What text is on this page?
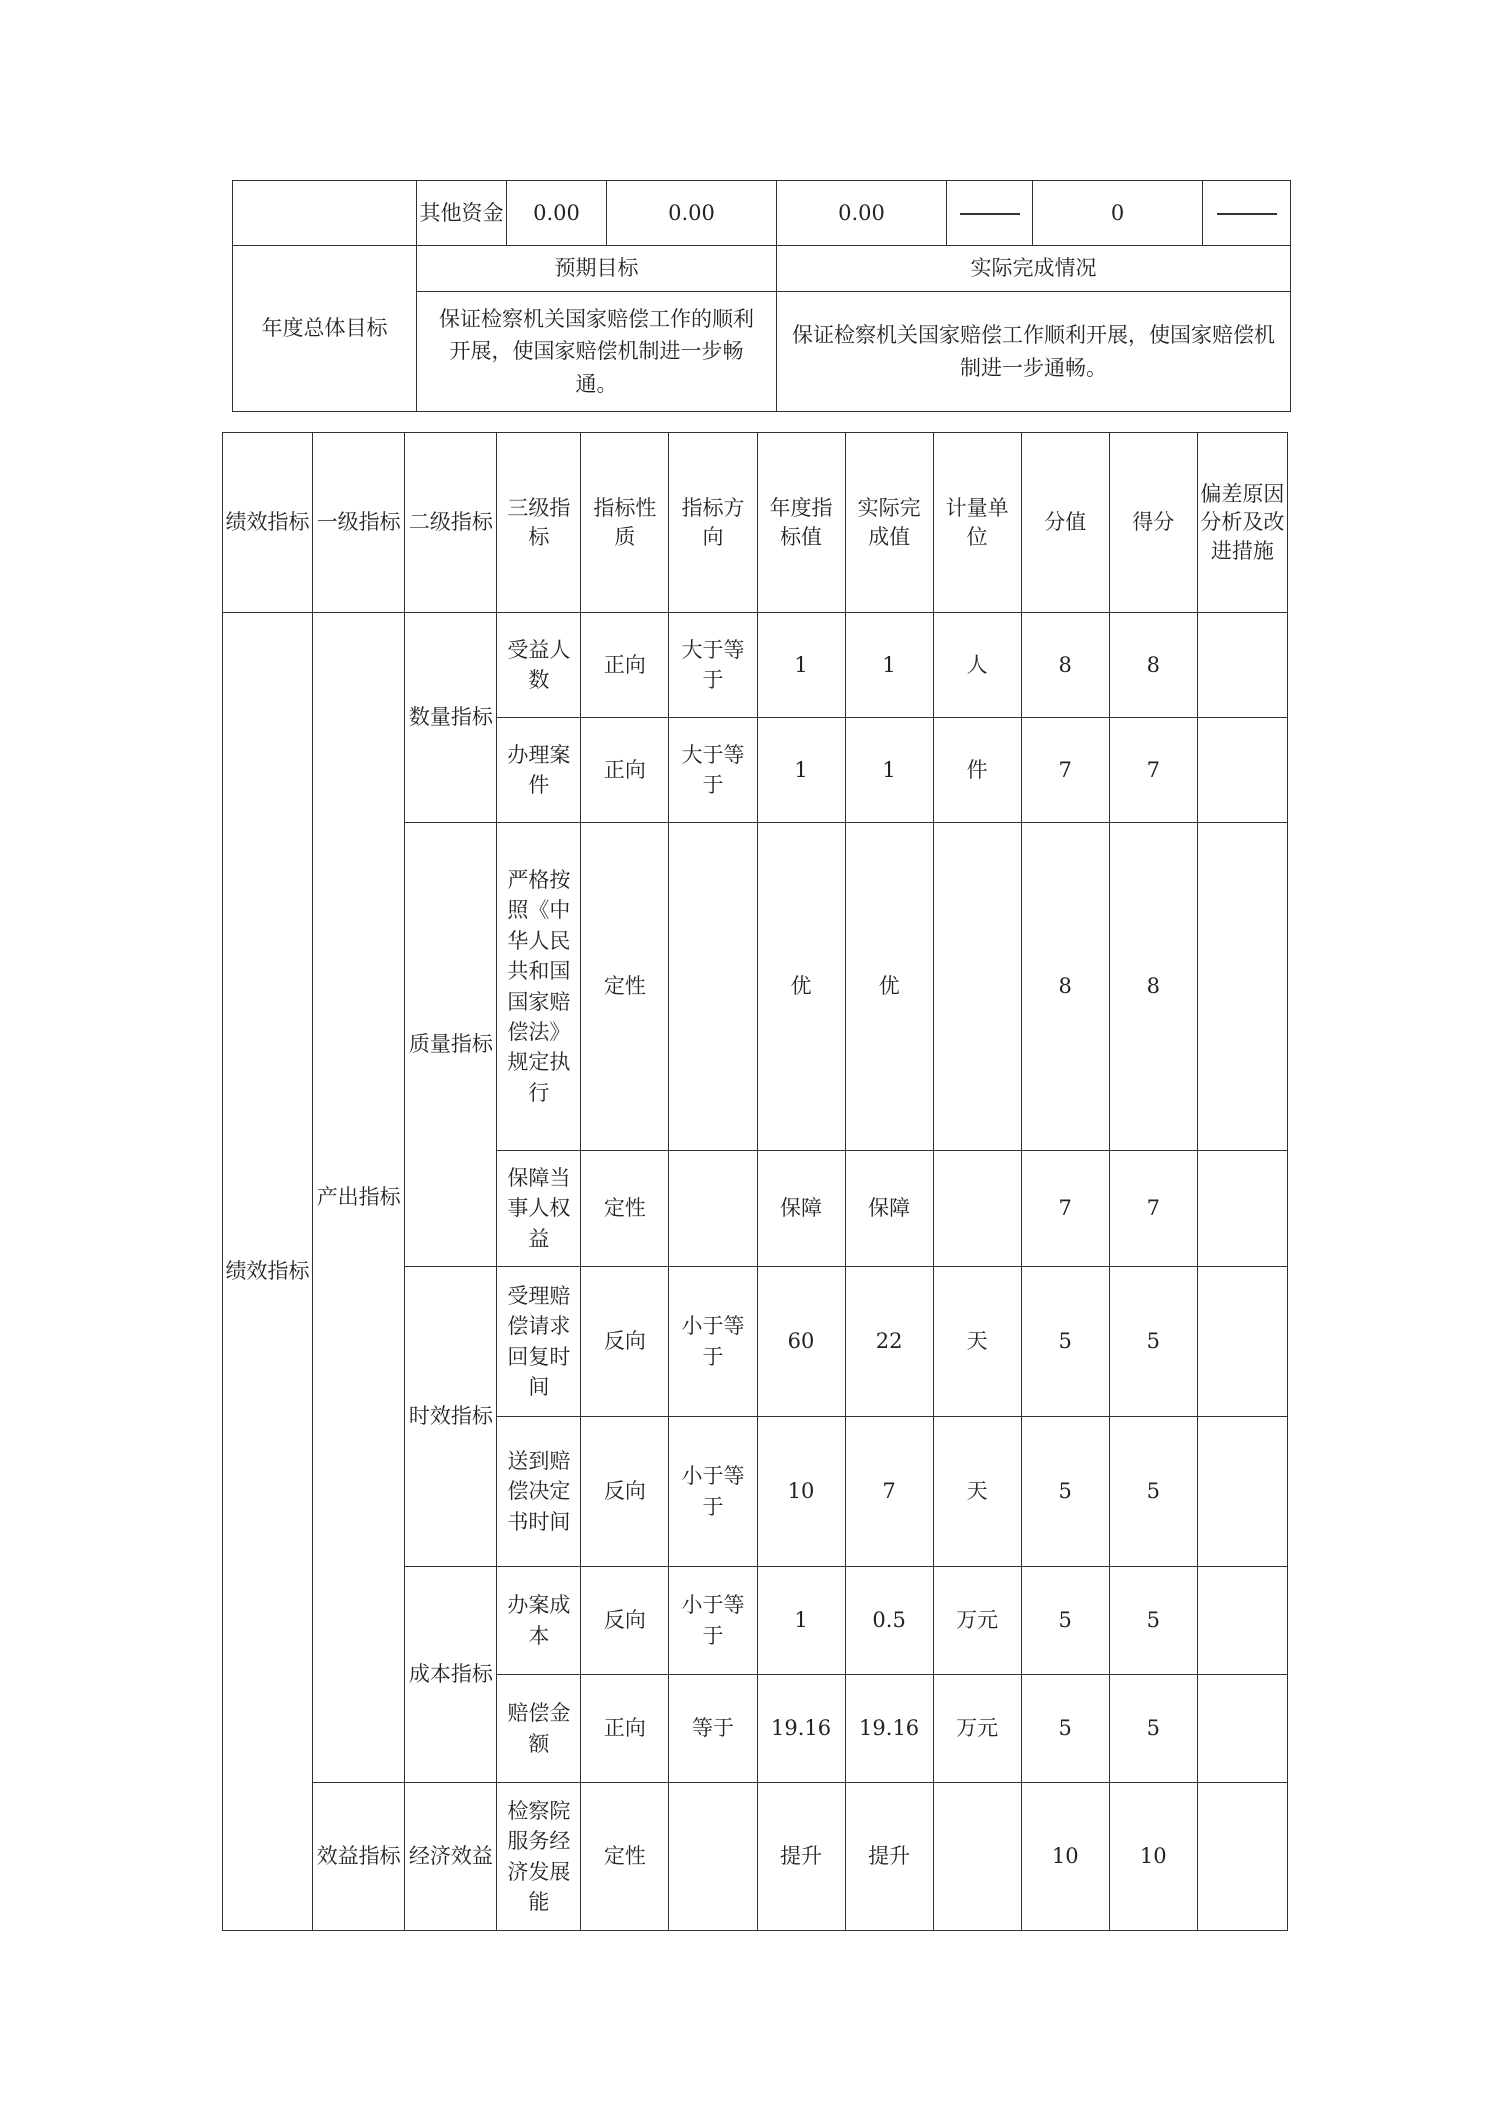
	其他资金	0.00	0.00	0.00		0	
年度总体目标	预期目标			实际完成情况			
	保证检察机关国家赔偿工作的顺利开展，使国家赔偿机制进一步畅通。			保证检察机关国家赔偿工作顺利开展，使国家赔偿机制进一步通畅。			
绩效指标	一级指标	二级指标	三级指标	指标性质	指标方向	年度指标值	实际完成值	计量单位	分值	得分	偏差原因分析及改进措施
绩效指标	产出指标	数量指标	受益人数	正向	大于等于	1	1	人	8	8	
			办理案件	正向	大于等于	1	1	件	7	7	
		质量指标	严格按照《中华人民共和国国家赔偿法》规定执行	定性		优	优		8	8	
			保障当事人权益	定性		保障	保障		7	7	
		时效指标	受理赔偿请求回复时间	反向	小于等于	60	22	天	5	5	
			送到赔偿决定书时间	反向	小于等于	10	7	天	5	5	
		成本指标	办案成本	反向	小于等于	1	0.5	万元	5	5	
			赔偿金额	正向	等于	19.16	19.16	万元	5	5	
	效益指标	经济效益	检察院服务经济发展能	定性		提升	提升		10	10	
